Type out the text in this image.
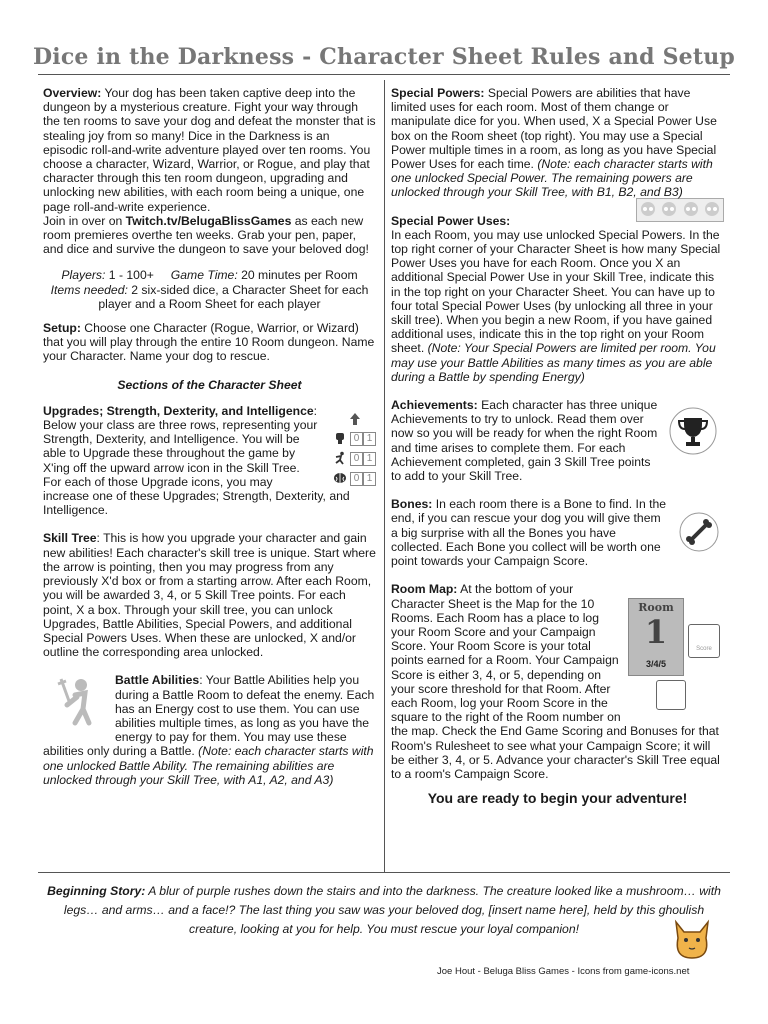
Dice in the Darkness - Character Sheet Rules and Setup

Overview: Your dog has been taken captive deep into the dungeon by a mysterious creature. Fight your way through the ten rooms to save your dog and defeat the monster that is stealing joy from so many! Dice in the Darkness is an episodic roll-and-write adventure played over ten rooms. You choose a character, Wizard, Warrior, or Rogue, and play that character through this ten room dungeon, upgrading and unlocking new abilities, with each room being a unique, one page roll-and-write experience.
Join in over on Twitch.tv/BelugaBlissGames as each new room premieres overthe ten weeks. Grab your pen, paper, and dice and survive the dungeon to save your beloved dog!

Players: 1 - 100+ Game Time: 20 minutes per Room
Items needed: 2 six-sided dice, a Character Sheet for each player and a Room Sheet for each player

Setup: Choose one Character (Rogue, Warrior, or Wizard) that you will play through the entire 10 Room dungeon. Name your Character. Name your dog to rescue.

Sections of the Character Sheet

0 1
0 1
0 1
Upgrades; Strength, Dexterity, and Intelligence: Below your class are three rows, representing your Strength, Dexterity, and Intelligence. You will be able to Upgrade these throughout the game by X'ing off the upward arrow icon in the Skill Tree. For each of those Upgrade icons, you may increase one of these Upgrades; Strength, Dexterity, and Intelligence.

Skill Tree: This is how you upgrade your character and gain new abilities! Each character's skill tree is unique. Start where the arrow is pointing, then you may progress from any previously X'd box or from a starting arrow. After each Room, you will be awarded 3, 4, or 5 Skill Tree points. For each point, X a box. Through your skill tree, you can unlock Upgrades, Battle Abilities, Special Powers, and additional Special Powers Uses. When these are unlocked, X and/or outline the corresponding area unlocked.

Battle Abilities: Your Battle Abilities help you during a Battle Room to defeat the enemy. Each has an Energy cost to use them. You can use abilities multiple times, as long as you have the energy to pay for them. You may use these abilities only during a Battle. (Note: each character starts with one unlocked Battle Ability. The remaining abilities are unlocked through your Skill Tree, with A1, A2, and A3)

Special Powers: Special Powers are abilities that have limited uses for each room. Most of them change or manipulate dice for you. When used, X a Special Power Use box on the Room sheet (top right). You may use a Special Power multiple times in a room, as long as you have Special Power Uses for each time. (Note: each character starts with one unlocked Special Power. The remaining powers are unlocked through your Skill Tree, with B1, B2, and B3)

Special Power Uses:
In each Room, you may use unlocked Special Powers. In the top right corner of your Character Sheet is how many Special Power Uses you have for each Room. Once you X an additional Special Power Use in your Skill Tree, indicate this in the top right on your Character Sheet. You can have up to four total Special Power Uses (by unlocking all three in your skill tree). When you begin a new Room, if you have gained additional uses, indicate this in the top right on your Room sheet. (Note: Your Special Powers are limited per room. You may use your Battle Abilities as many times as you are able during a Battle by spending Energy)

Achievements: Each character has three unique Achievements to try to unlock. Read them over now so you will be ready for when the right Room and time arises to complete them. For each Achievement completed, gain 3 Skill Tree points to add to your Skill Tree.

Bones: In each room there is a Bone to find. In the end, if you can rescue your dog you will give them a big surprise with all the Bones you have collected. Each Bone you collect will be worth one point towards your Campaign Score.

Room
1
3/4/5
Score
Room Map: At the bottom of your Character Sheet is the Map for the 10 Rooms. Each Room has a place to log your Room Score and your Campaign Score. Your Room Score is your total points earned for a Room. Your Campaign Score is either 3, 4, or 5, depending on your score threshold for that Room. After each Room, log your Room Score in the square to the right of the Room number on the map. Check the End Game Scoring and Bonuses for that Room's Rulesheet to see what your Campaign Score; it will be either 3, 4, or 5. Advance your character's Skill Tree equal to a room's Campaign Score.

You are ready to begin your adventure!
Beginning Story: A blur of purple rushes down the stairs and into the darkness. The creature looked like a mushroom… with legs… and arms… and a face!? The last thing you saw was your beloved dog, [insert name here], held by this ghoulish creature, looking at you for help. You must rescue your loyal companion!
Joe Hout - Beluga Bliss Games - Icons from game-icons.net
